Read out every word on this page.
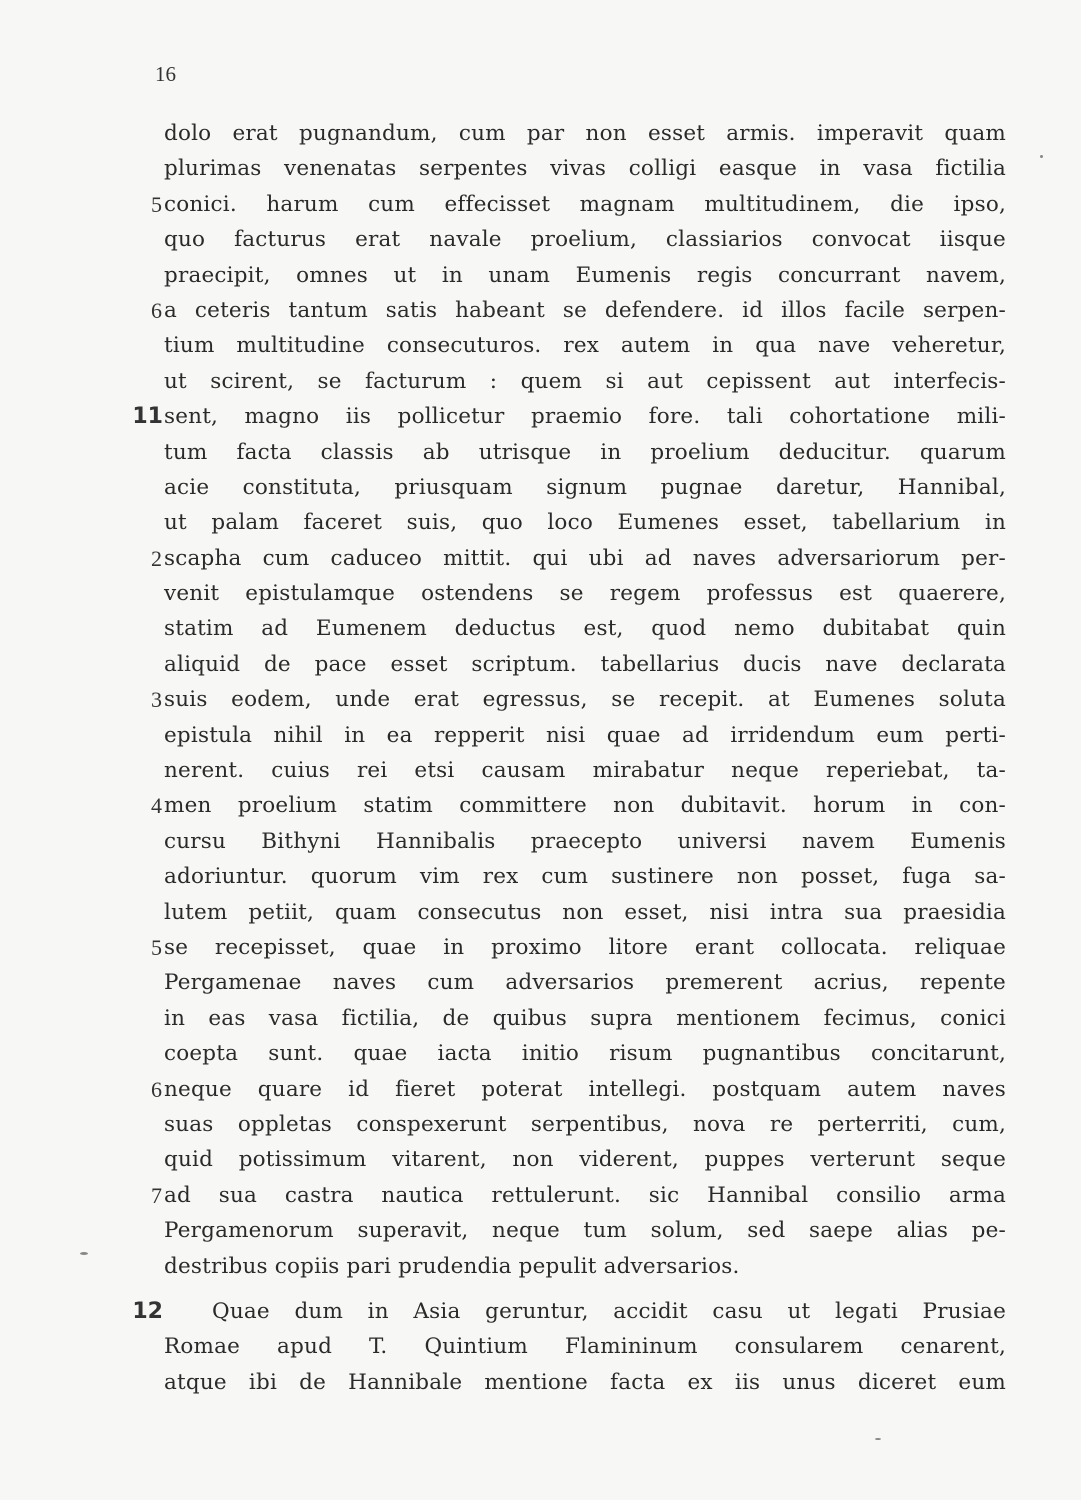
16
dolo erat pugnandum, cum par non esset armis. imperavit quam
plurimas venenatas serpentes vivas colligi easque in vasa fictilia
5 conici. harum cum effecisset magnam multitudinem, die ipso,
quo facturus erat navale proelium, classiarios convocat iisque
praecipit, omnes ut in unam Eumenis regis concurrant navem,
6 a ceteris tantum satis habeant se defendere. id illos facile serpen-
tium multitudine consecuturos. rex autem in qua nave veheretur,
ut scirent, se facturum : quem si aut cepissent aut interfecis-
11 sent, magno iis pollicetur praemio fore. tali cohortatione mili-
tum facta classis ab utrisque in proelium deducitur. quarum
acie constituta, priusquam signum pugnae daretur, Hannibal,
ut palam faceret suis, quo loco Eumenes esset, tabellarium in
2 scapha cum caduceo mittit. qui ubi ad naves adversariorum per-
venit epistulamque ostendens se regem professus est quaerere,
statim ad Eumenem deductus est, quod nemo dubitabat quin
aliquid de pace esset scriptum. tabellarius ducis nave declarata
3 suis eodem, unde erat egressus, se recepit. at Eumenes soluta
epistula nihil in ea repperit nisi quae ad irridendum eum perti-
nerent. cuius rei etsi causam mirabatur neque reperiebat, ta-
4 men proelium statim committere non dubitavit. horum in con-
cursu Bithyni Hannibalis praecepto universi navem Eumenis
adoriuntur. quorum vim rex cum sustinere non posset, fuga sa-
lutem petiit, quam consecutus non esset, nisi intra sua praesidia
5 se recepisset, quae in proximo litore erant collocata. reliquae
Pergamenae naves cum adversarios premerent acrius, repente
in eas vasa fictilia, de quibus supra mentionem fecimus, conici
coepta sunt. quae iacta initio risum pugnantibus concitarunt,
6 neque quare id fieret poterat intellegi. postquam autem naves
suas oppletas conspexerunt serpentibus, nova re perterriti, cum,
quid potissimum vitarent, non viderent, puppes verterunt seque
7 ad sua castra nautica rettulerunt. sic Hannibal consilio arma
Pergamenorum superavit, neque tum solum, sed saepe alias pe-
destribus copiis pari prudendia pepulit adversarios.
12 Quae dum in Asia geruntur, accidit casu ut legati Prusiae
Romae apud T. Quintium Flamininum consularem cenarent,
atque ibi de Hannibale mentione facta ex iis unus diceret eum
